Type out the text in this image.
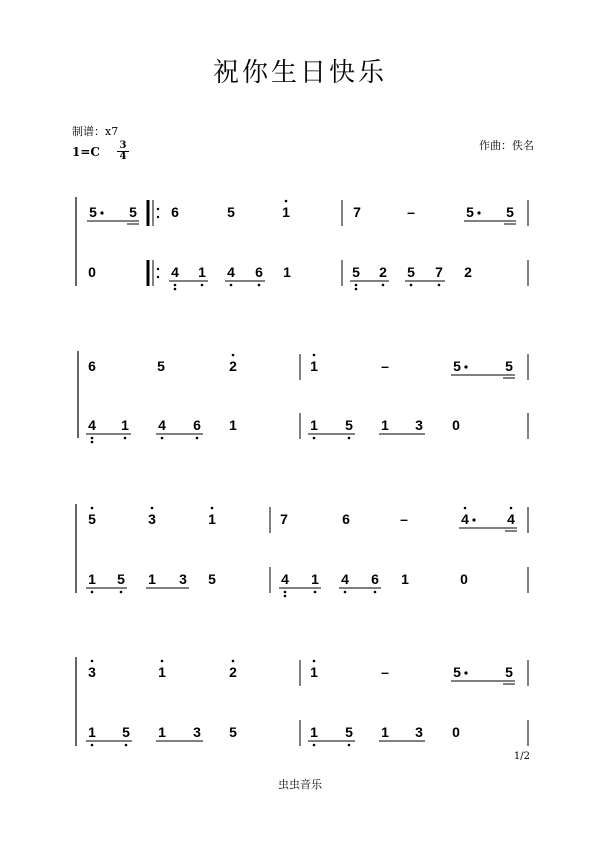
祝你生日快乐
制谱：x7
作曲：佚名
1=C 3
4
5 5 6	5	1	7	–	5 5
0	4 1 4 6 1	5 2 5 7 2
6	5	2	1	–	5	5
4 1 4 6 1	1 5 1 3 0
5	3	1	7	6	–	4	4
1 5 1 3 5	4 1 4 6 1	0
3	1	2	1	–	5	5
1 5 1 3 5	1 5 1 3 0
1/2
虫虫音乐
